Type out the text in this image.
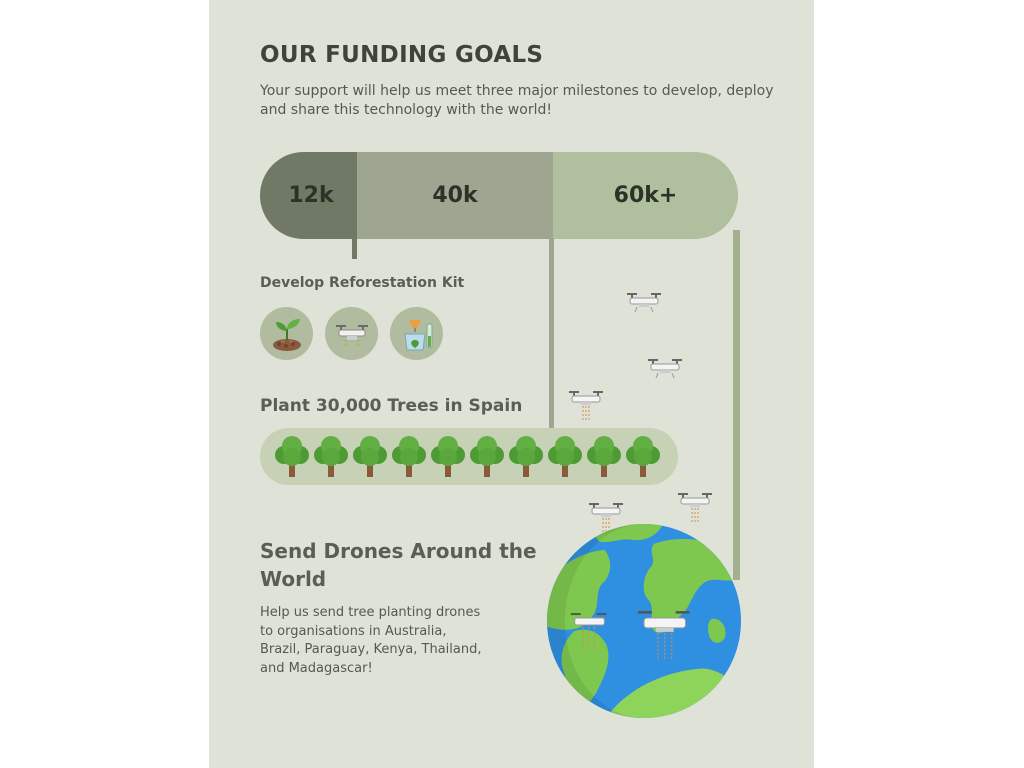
OUR FUNDING GOALS
Your support will help us meet three major milestones to develop, deploy and share this technology with the world!
12k	40k	60k+
Develop Reforestation Kit
Plant 30,000 Trees in Spain
Send Drones Around the World
Help us send tree planting drones to organisations in Australia, Brazil, Paraguay, Kenya, Thailand, and Madagascar!
